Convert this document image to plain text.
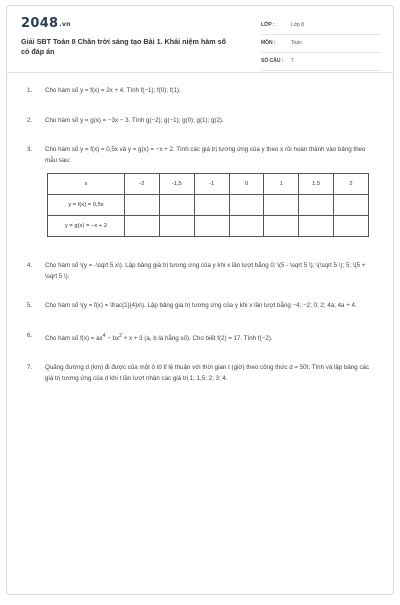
2048.vn
Giải SBT Toán 8 Chân trời sáng tạo Bài 1. Khái niệm hàm số có đáp án
LỚP :	Lớp 8
MÔN :	Toán
SỐ CÂU : 7
1. Cho hàm số y = f(x) = 2x + 4. Tính f(−1); f(0); f(1).
2. Cho hàm số y = g(x) = −3x − 3. Tính g(−2); g(−1); g(0); g(1); g(2).
3. Cho hàm số y = f(x) = 0,5x và y = g(x) = −x + 2. Tính các giá trị tương ứng của y theo x rồi hoàn thành vào bảng theo mẫu sau:
x	-2	-1,5	-1	0	1	1,5	2
y = f(x) = 0,5x							
y = g(x) = −x + 2							
4. Cho hàm số \(y = -\sqrt 5 x\). Lập bảng giá trị tương ứng của y khi x lần lượt bằng 0; \(5 - \sqrt 5 \); \(\sqrt 5 \); 5; \(5 + \sqrt 5 \).
5. Cho hàm số \(y = f(x) = \frac{1}{4}x\). Lập bảng giá trị tương ứng của y khi x lần lượt bằng −4; −2; 0; 2; 4a; 4a + 4.
6. Cho hàm số $f(x) = ax^4 - bx^2 + x + 3$ (a, b là hằng số). Cho biết f(2) = 17. Tính f(−2).
7. Quãng đường d (km) đi được của một ô tô tỉ lệ thuận với thời gian t (giờ) theo công thức d = 50t. Tính và lập bảng các giá trị tương ứng của d khi t lần lượt nhận các giá trị 1; 1,5; 2; 3; 4.
